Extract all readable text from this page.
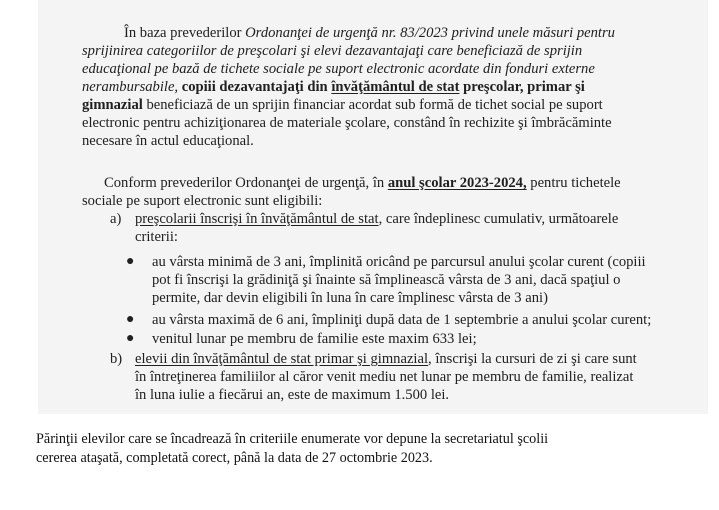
În baza prevederilor Ordonanţei de urgenţă nr. 83/2023 privind unele măsuri pentru
sprijinirea categoriilor de preşcolari şi elevi dezavantajaţi care beneficiază de sprijin
educaţional pe bază de tichete sociale pe suport electronic acordate din fonduri externe
nerambursabile, copiii dezavantajaţi din învăţământul de stat preşcolar, primar şi
gimnazial beneficiază de un sprijin financiar acordat sub formă de tichet social pe suport
electronic pentru achiziţionarea de materiale şcolare, constând în rechizite şi îmbrăcăminte
necesare în actul educaţional.
Conform prevederilor Ordonanţei de urgenţă, în anul şcolar 2023-2024, pentru tichetele
sociale pe suport electronic sunt eligibili:
a) preşcolarii înscrişi în învăţământul de stat, care îndeplinesc cumulativ, următoarele
criterii:
● au vârsta minimă de 3 ani, împlinită oricând pe parcursul anului şcolar curent (copiii
pot fi înscrişi la grădiniţă şi înainte să împlinească vârsta de 3 ani, dacă spaţiul o
permite, dar devin eligibili în luna în care împlinesc vârsta de 3 ani)
● au vârsta maximă de 6 ani, împliniţi după data de 1 septembrie a anului şcolar curent;
● venitul lunar pe membru de familie este maxim 633 lei;
b) elevii din învăţământul de stat primar şi gimnazial, înscrişi la cursuri de zi şi care sunt
în întreţinerea familiilor al căror venit mediu net lunar pe membru de familie, realizat
în luna iulie a fiecărui an, este de maximum 1.500 lei.
Părinţii elevilor care se încadrează în criteriile enumerate vor depune la secretariatul şcolii
cererea ataşată, completată corect, până la data de 27 octombrie 2023.
